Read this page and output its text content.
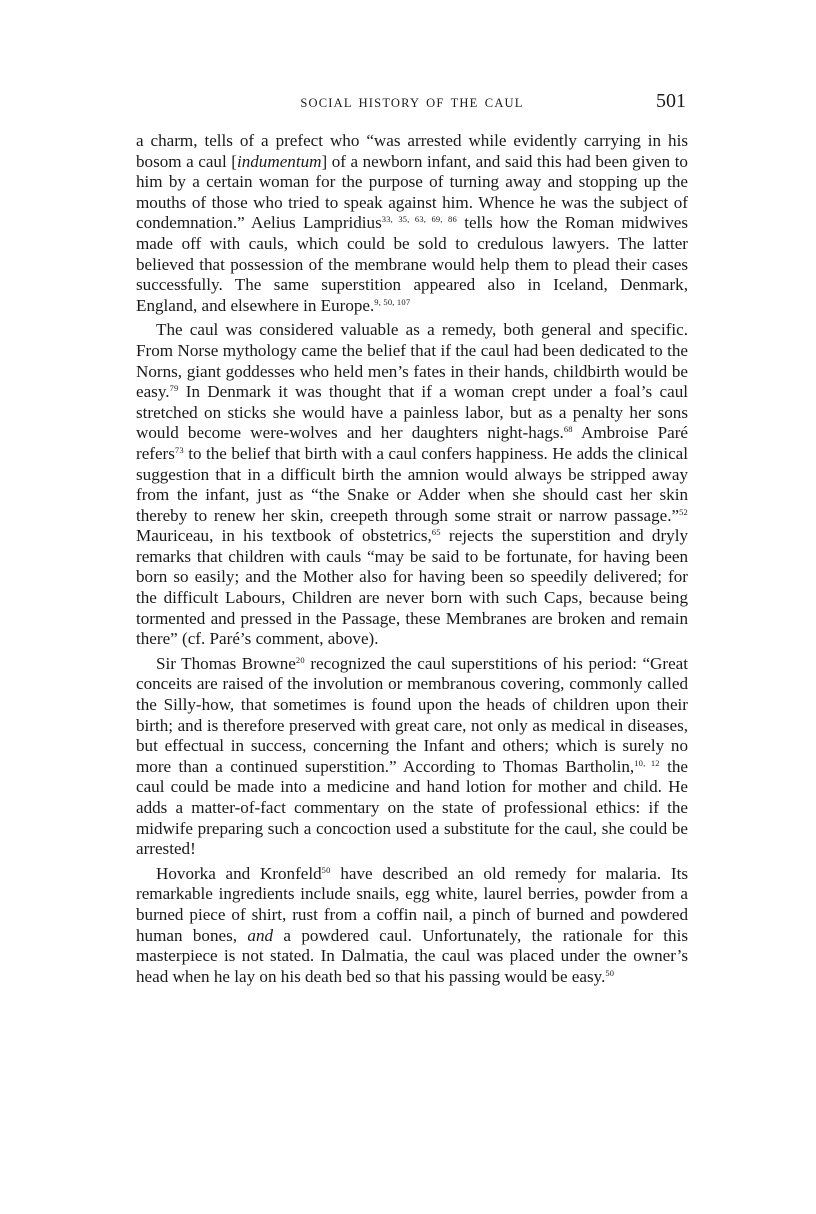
SOCIAL HISTORY OF THE CAUL	501

a charm, tells of a prefect who “was arrested while evidently carrying in his bosom a caul [indumentum] of a newborn infant, and said this had been given to him by a certain woman for the purpose of turning away and stopping up the mouths of those who tried to speak against him. Whence he was the subject of condemnation.” Aelius Lampridius$^{33, 35, 63, 69, 86}$ tells how the Roman midwives made off with cauls, which could be sold to credulous lawyers. The latter believed that possession of the membrane would help them to plead their cases successfully. The same superstition appeared also in Iceland, Denmark, England, and elsewhere in Europe.$^{9, 50, 107}$

The caul was considered valuable as a remedy, both general and specific. From Norse mythology came the belief that if the caul had been dedicated to the Norns, giant goddesses who held men’s fates in their hands, childbirth would be easy.$^{79}$ In Denmark it was thought that if a woman crept under a foal’s caul stretched on sticks she would have a painless labor, but as a penalty her sons would become were-wolves and her daughters night-hags.$^{68}$ Ambroise Paré refers$^{73}$ to the belief that birth with a caul confers happiness. He adds the clinical suggestion that in a difficult birth the amnion would always be stripped away from the infant, just as “the Snake or Adder when she should cast her skin thereby to renew her skin, creepeth through some strait or narrow passage.”$^{52}$ Mauriceau, in his textbook of obstetrics,$^{65}$ rejects the superstition and dryly remarks that children with cauls “may be said to be fortunate, for having been born so easily; and the Mother also for having been so speedily delivered; for the difficult Labours, Children are never born with such Caps, because being tormented and pressed in the Passage, these Membranes are broken and remain there” (cf. Paré’s comment, above).

Sir Thomas Browne$^{20}$ recognized the caul superstitions of his period: “Great conceits are raised of the involution or membranous covering, commonly called the Silly-how, that sometimes is found upon the heads of children upon their birth; and is therefore preserved with great care, not only as medical in diseases, but effectual in success, concerning the Infant and others; which is surely no more than a continued superstition.” According to Thomas Bartholin,$^{10, 12}$ the caul could be made into a medicine and hand lotion for mother and child. He adds a matter-of-fact commentary on the state of professional ethics: if the midwife preparing such a concoction used a substitute for the caul, she could be arrested!

Hovorka and Kronfeld$^{50}$ have described an old remedy for malaria. Its remarkable ingredients include snails, egg white, laurel berries, powder from a burned piece of shirt, rust from a coffin nail, a pinch of burned and powdered human bones, and a powdered caul. Unfortunately, the rationale for this masterpiece is not stated. In Dalmatia, the caul was placed under the owner’s head when he lay on his death bed so that his passing would be easy.$^{50}$
